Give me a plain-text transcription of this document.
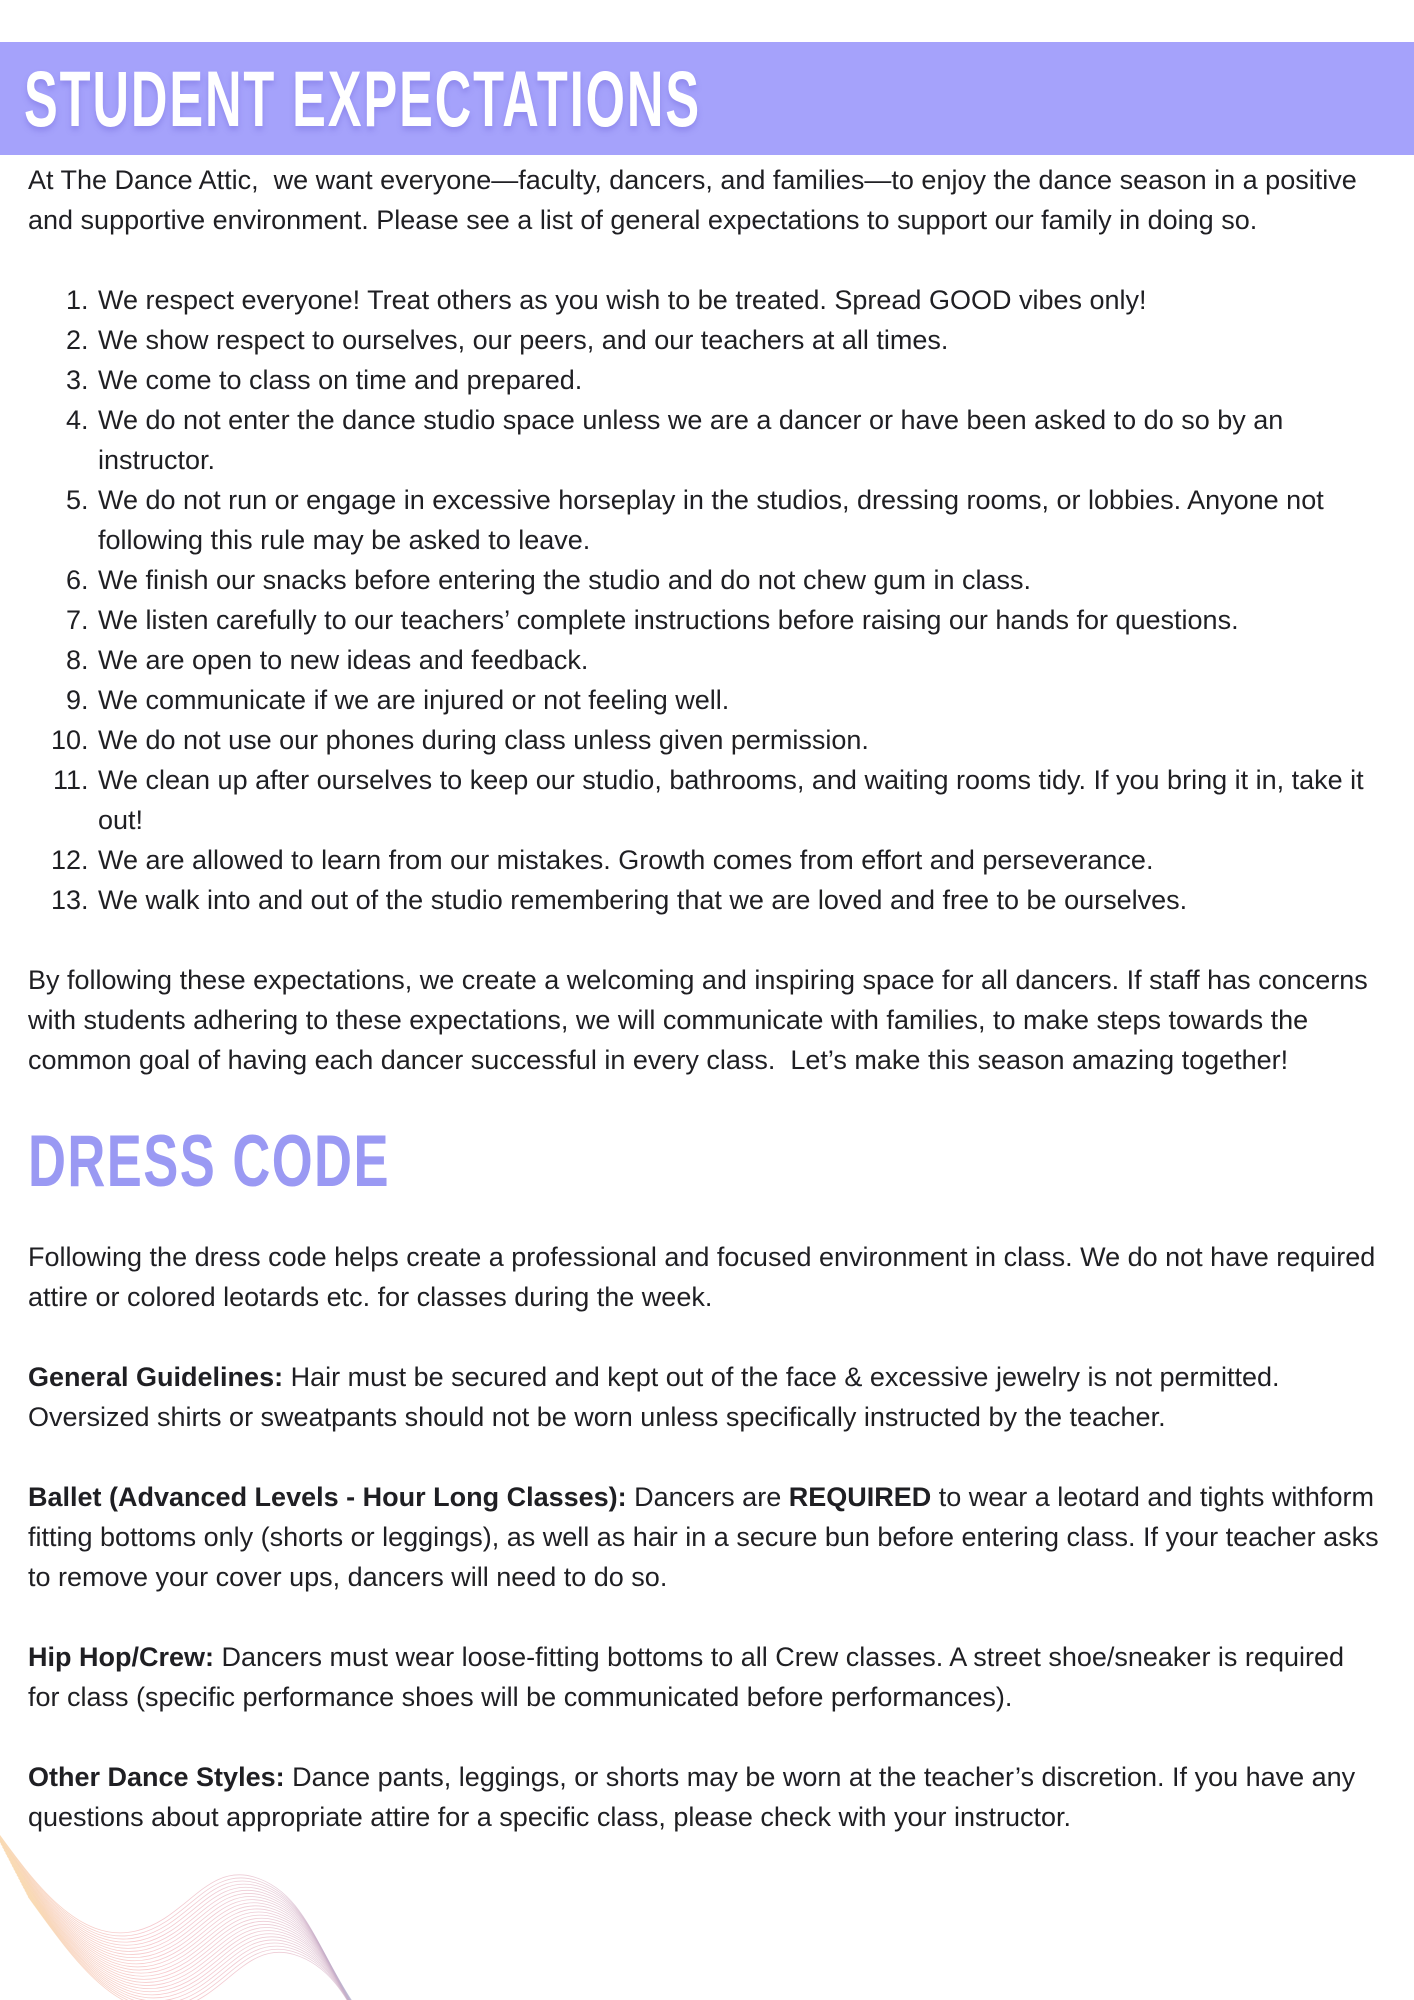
STUDENT EXPECTATIONS

At The Dance Attic,  we want everyone—faculty, dancers, and families—to enjoy the dance season in a positive and supportive environment. Please see a list of general expectations to support our family in doing so.

1. We respect everyone! Treat others as you wish to be treated. Spread GOOD vibes only!
2. We show respect to ourselves, our peers, and our teachers at all times.
3. We come to class on time and prepared.
4. We do not enter the dance studio space unless we are a dancer or have been asked to do so by an instructor.
5. We do not run or engage in excessive horseplay in the studios, dressing rooms, or lobbies. Anyone not following this rule may be asked to leave.
6. We finish our snacks before entering the studio and do not chew gum in class.
7. We listen carefully to our teachers’ complete instructions before raising our hands for questions.
8. We are open to new ideas and feedback.
9. We communicate if we are injured or not feeling well.
10. We do not use our phones during class unless given permission.
11. We clean up after ourselves to keep our studio, bathrooms, and waiting rooms tidy. If you bring it in, take it out!
12. We are allowed to learn from our mistakes. Growth comes from effort and perseverance.
13. We walk into and out of the studio remembering that we are loved and free to be ourselves.

By following these expectations, we create a welcoming and inspiring space for all dancers. If staff has concerns with students adhering to these expectations, we will communicate with families, to make steps towards the common goal of having each dancer successful in every class.  Let’s make this season amazing together!

DRESS CODE

Following the dress code helps create a professional and focused environment in class. We do not have required attire or colored leotards etc. for classes during the week.

General Guidelines: Hair must be secured and kept out of the face & excessive jewelry is not permitted. Oversized shirts or sweatpants should not be worn unless specifically instructed by the teacher.

Ballet (Advanced Levels - Hour Long Classes): Dancers are REQUIRED to wear a leotard and tights withform fitting bottoms only (shorts or leggings), as well as hair in a secure bun before entering class. If your teacher asks to remove your cover ups, dancers will need to do so.

Hip Hop/Crew: Dancers must wear loose-fitting bottoms to all Crew classes. A street shoe/sneaker is required for class (specific performance shoes will be communicated before performances).

Other Dance Styles: Dance pants, leggings, or shorts may be worn at the teacher’s discretion. If you have any questions about appropriate attire for a specific class, please check with your instructor.
